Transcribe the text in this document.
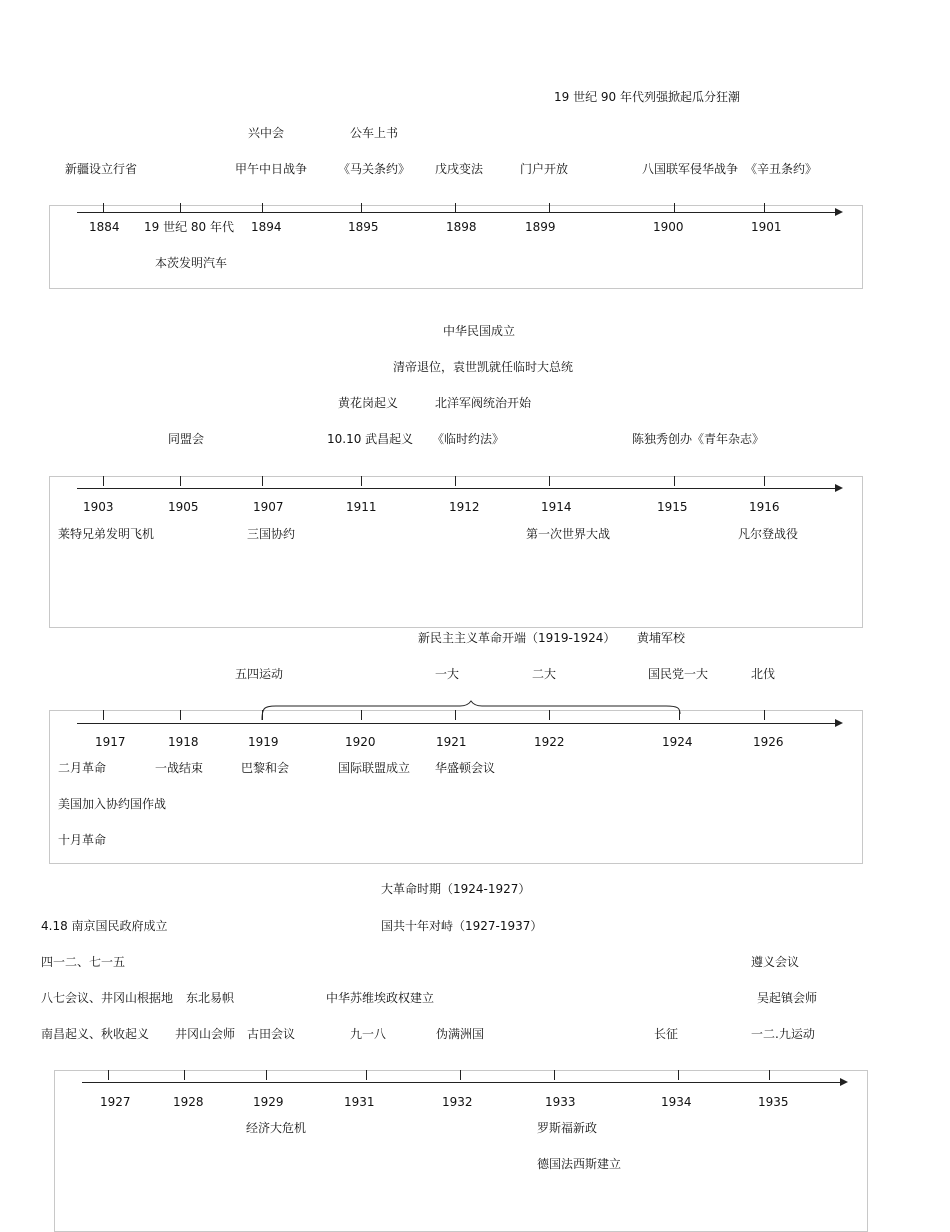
19 世纪 90 年代列强掀起瓜分狂潮
兴中会	公车上书
新疆设立行省	甲午中日战争	《马关条约》 戊戌变法	门户开放	八国联军侵华战争 《辛丑条约》
1884 19 世纪 80 年代 1894	1895	1898	1899	1900	1901
本茨发明汽车
中华民国成立
清帝退位，袁世凯就任临时大总统
黄花岗起义	北洋军阀统治开始
同盟会	10.10 武昌起义 《临时约法》	陈独秀创办《青年杂志》
1903	1905	1907	1911	1912	1914	1915	1916
莱特兄弟发明飞机	三国协约	第一次世界大战	凡尔登战役
新民主主义革命开端（1919-1924） 黄埔军校
五四运动	一大	二大	国民党一大	北伐
1917	1918	1919	1920	1921	1922	1924	1926
二月革命	一战结束	巴黎和会	国际联盟成立 华盛顿会议
美国加入协约国作战
十月革命
大革命时期（1924-1927）
4.18 南京国民政府成立	国共十年对峙（1927-1937）
四一二、七一五	遵义会议
八七会议、井冈山根据地 东北易帜	中华苏维埃政权建立	吴起镇会师
南昌起义、秋收起义 井冈山会师 古田会议	九一八	伪满洲国	长征	一二.九运动
1927	1928	1929	1931	1932	1933	1934	1935
经济大危机	罗斯福新政
德国法西斯建立
